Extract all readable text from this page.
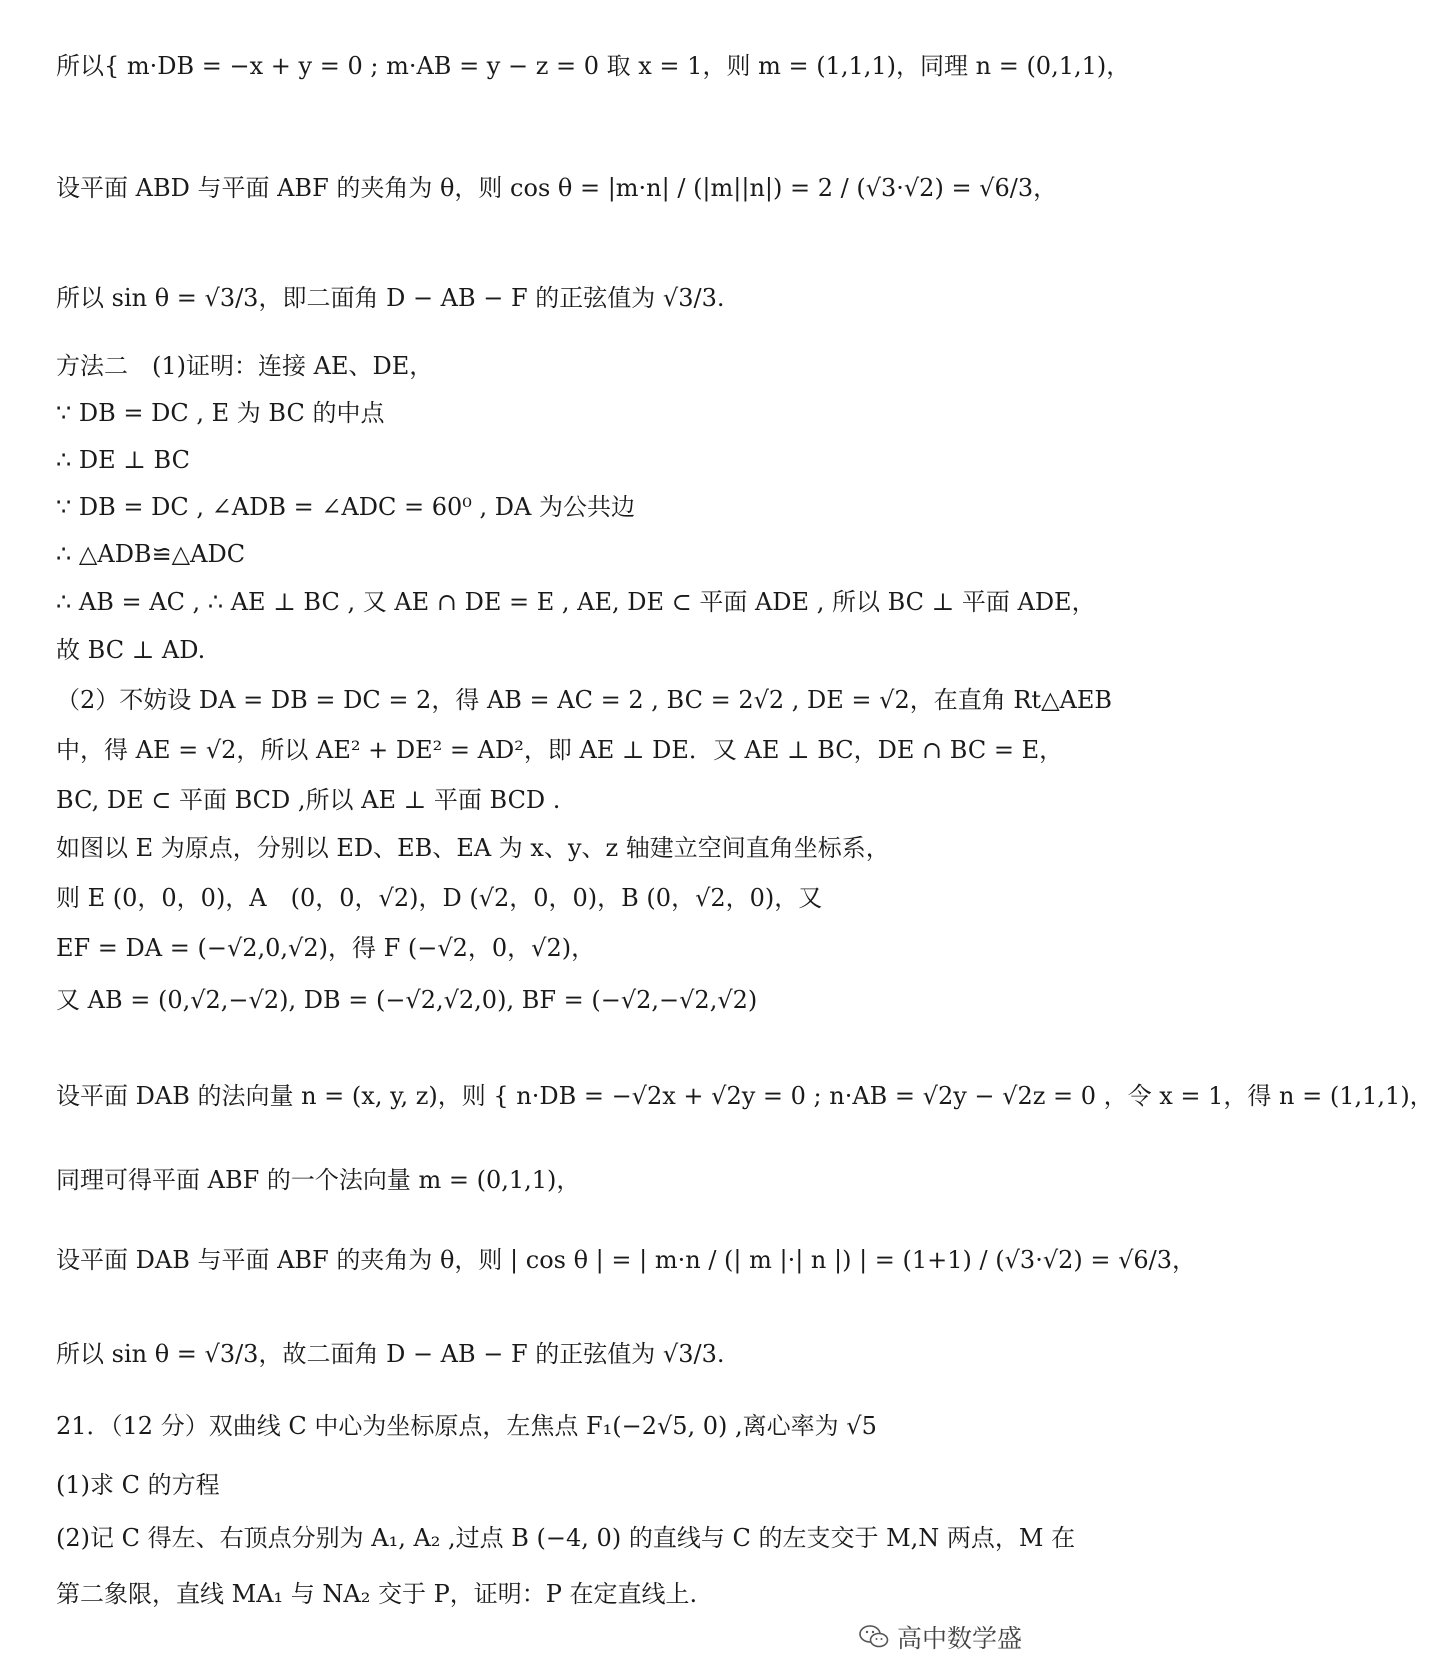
所以{ m·DB = −x + y = 0 ; m·AB = y − z = 0 取 x = 1，则 m = (1,1,1)，同理 n = (0,1,1)，
设平面 ABD 与平面 ABF 的夹角为 θ，则 cos θ = |m·n| / (|m||n|) = 2 / (√3·√2) = √6/3，
所以 sin θ = √3/3，即二面角 D − AB − F 的正弦值为 √3/3.
方法二　(1)证明：连接 AE、DE，
∵ DB = DC , E 为 BC 的中点
∴ DE ⊥ BC
∵ DB = DC , ∠ADB = ∠ADC = 60⁰ , DA 为公共边
∴ △ADB≌△ADC
∴ AB = AC , ∴ AE ⊥ BC , 又 AE ∩ DE = E , AE, DE ⊂ 平面 ADE , 所以 BC ⊥ 平面 ADE，
故 BC ⊥ AD.
（2）不妨设 DA = DB = DC = 2，得 AB = AC = 2 , BC = 2√2 , DE = √2，在直角 Rt△AEB
中，得 AE = √2，所以 AE² + DE² = AD²，即 AE ⊥ DE．又 AE ⊥ BC，DE ∩ BC = E，
BC, DE ⊂ 平面 BCD ,所以 AE ⊥ 平面 BCD .
如图以 E 为原点，分别以 ED、EB、EA 为 x、y、z 轴建立空间直角坐标系，
则 E (0，0，0)，A　(0，0，√2)，D (√2，0，0)，B (0，√2，0)，又
EF = DA = (−√2,0,√2)，得 F (−√2，0，√2)，
又 AB = (0,√2,−√2), DB = (−√2,√2,0), BF = (−√2,−√2,√2)
设平面 DAB 的法向量 n = (x, y, z)，则 { n·DB = −√2x + √2y = 0 ; n·AB = √2y − √2z = 0 ，令 x = 1，得 n = (1,1,1)，
同理可得平面 ABF 的一个法向量 m = (0,1,1)，
设平面 DAB 与平面 ABF 的夹角为 θ，则 | cos θ | = | m·n / (| m |·| n |) | = (1+1) / (√3·√2) = √6/3，
所以 sin θ = √3/3，故二面角 D − AB − F 的正弦值为 √3/3.
21．（12 分）双曲线 C 中心为坐标原点，左焦点 F₁(−2√5, 0) ,离心率为 √5
(1)求 C 的方程
(2)记 C 得左、右顶点分别为 A₁, A₂ ,过点 B (−4, 0) 的直线与 C 的左支交于 M,N 两点，M 在
第二象限，直线 MA₁ 与 NA₂ 交于 P，证明：P 在定直线上.
高中数学盛
